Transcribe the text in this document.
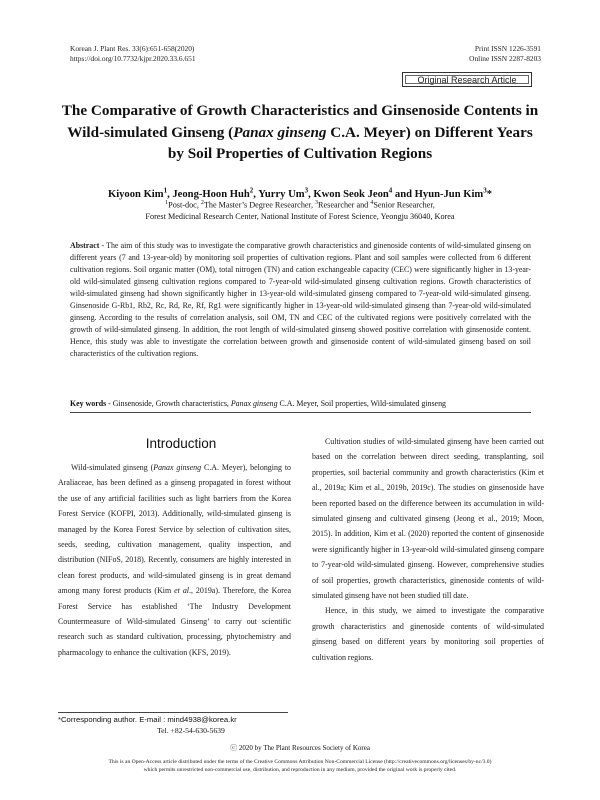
Korean J. Plant Res. 33(6):651-658(2020)
https://doi.org/10.7732/kjpr.2020.33.6.651
Print ISSN 1226-3591
Online ISSN 2287-8203
Original Research Article
The Comparative of Growth Characteristics and Ginsenoside Contents in
Wild-simulated Ginseng (Panax ginseng C.A. Meyer) on Different Years
by Soil Properties of Cultivation Regions
Kiyoon Kim$^1$, Jeong-Hoon Huh$^2$, Yurry Um$^3$, Kwon Seok Jeon$^4$ and Hyun-Jun Kim$^3$*
$^1$Post-doc, $^2$The Master’s Degree Researcher, $^3$Researcher and $^4$Senior Researcher,
Forest Medicinal Research Center, National Institute of Forest Science, Yeongju 36040, Korea
Abstract - The aim of this study was to investigate the comparative growth characteristics and ginenoside contents of wild-simulated ginseng on different years (7 and 13-year-old) by monitoring soil properties of cultivation regions. Plant and soil samples were collected from 6 different cultivation regions. Soil organic matter (OM), total nitrogen (TN) and cation exchangeable capacity (CEC) were significantly higher in 13-year-old wild-simulated ginseng cultivation regions compared to 7-year-old wild-simulated ginseng cultivation regions. Growth characteristics of wild-simulated ginseng had shown significantly higher in 13-year-old wild-simulated ginseng compared to 7-year-old wild-simulated ginseng. Ginsenoside G-Rb1, Rb2, Rc, Rd, Re, Rf, Rg1 were significantly higher in 13-year-old wild-simulated ginseng than 7-year-old wild-simulated ginseng. According to the results of correlation analysis, soil OM, TN and CEC of the cultivated regions were positively correlated with the growth of wild-simulated ginseng. In addition, the root length of wild-simulated ginseng showed positive correlation with ginsenoside content. Hence, this study was able to investigate the correlation between growth and ginsenoside content of wild-simulated ginseng based on soil characteristics of the cultivation regions.
Key words - Ginsenoside, Growth characteristics, Panax ginseng C.A. Meyer, Soil properties, Wild-simulated ginseng
Introduction

Wild-simulated ginseng (Panax ginseng C.A. Meyer), belonging to Araliaceae, has been defined as a ginseng propagated in forest without the use of any artificial facilities such as light barriers from the Korea Forest Service (KOFPI, 2013). Additionally, wild-simulated ginseng is managed by the Korea Forest Service by selection of cultivation sites, seeds, seeding, cultivation management, quality inspection, and distribution (NIFoS, 2018). Recently, consumers are highly interested in clean forest products, and wild-simulated ginseng is in great demand among many forest products (Kim et al., 2019a). Therefore, the Korea Forest Service has established ‘The Industry Development Countermeasure of Wild-simulated Ginseng’ to carry out scientific research such as standard cultivation, processing, phytochemistry and pharmacology to enhance the cultivation (KFS, 2019).

Cultivation studies of wild-simulated ginseng have been carried out based on the correlation between direct seeding, transplanting, soil properties, soil bacterial community and growth characteristics (Kim et al., 2019a; Kim et al., 2019b, 2019c). The studies on ginsenoside have been reported based on the difference between its accumulation in wild-simulated ginseng and cultivated ginseng (Jeong et al., 2019; Moon, 2015). In addition, Kim et al. (2020) reported the content of ginsenoside were significantly higher in 13-year-old wild-simulated ginseng compare to 7-year-old wild-simulated ginseng. However, comprehensive studies of soil properties, growth characteristics, ginenoside contents of wild-simulated ginseng have not been studied till date.

Hence, in this study, we aimed to investigate the comparative growth characteristics and ginenoside contents of wild-simulated ginseng based on different years by monitoring soil properties of cultivation regions.

*Corresponding author. E-mail : mind4938@korea.kr
Tel. +82-54-630-5639
ⓒ 2020 by The Plant Resources Society of Korea
This is an Open-Access article distributed under the terms of the Creative Commons Attribution Non-Commercial License (http://creativecommons.org/licenses/by-nc/3.0)
which permits unrestricted non-commercial use, distribution, and reproduction in any medium, provided the original work is properly cited.
